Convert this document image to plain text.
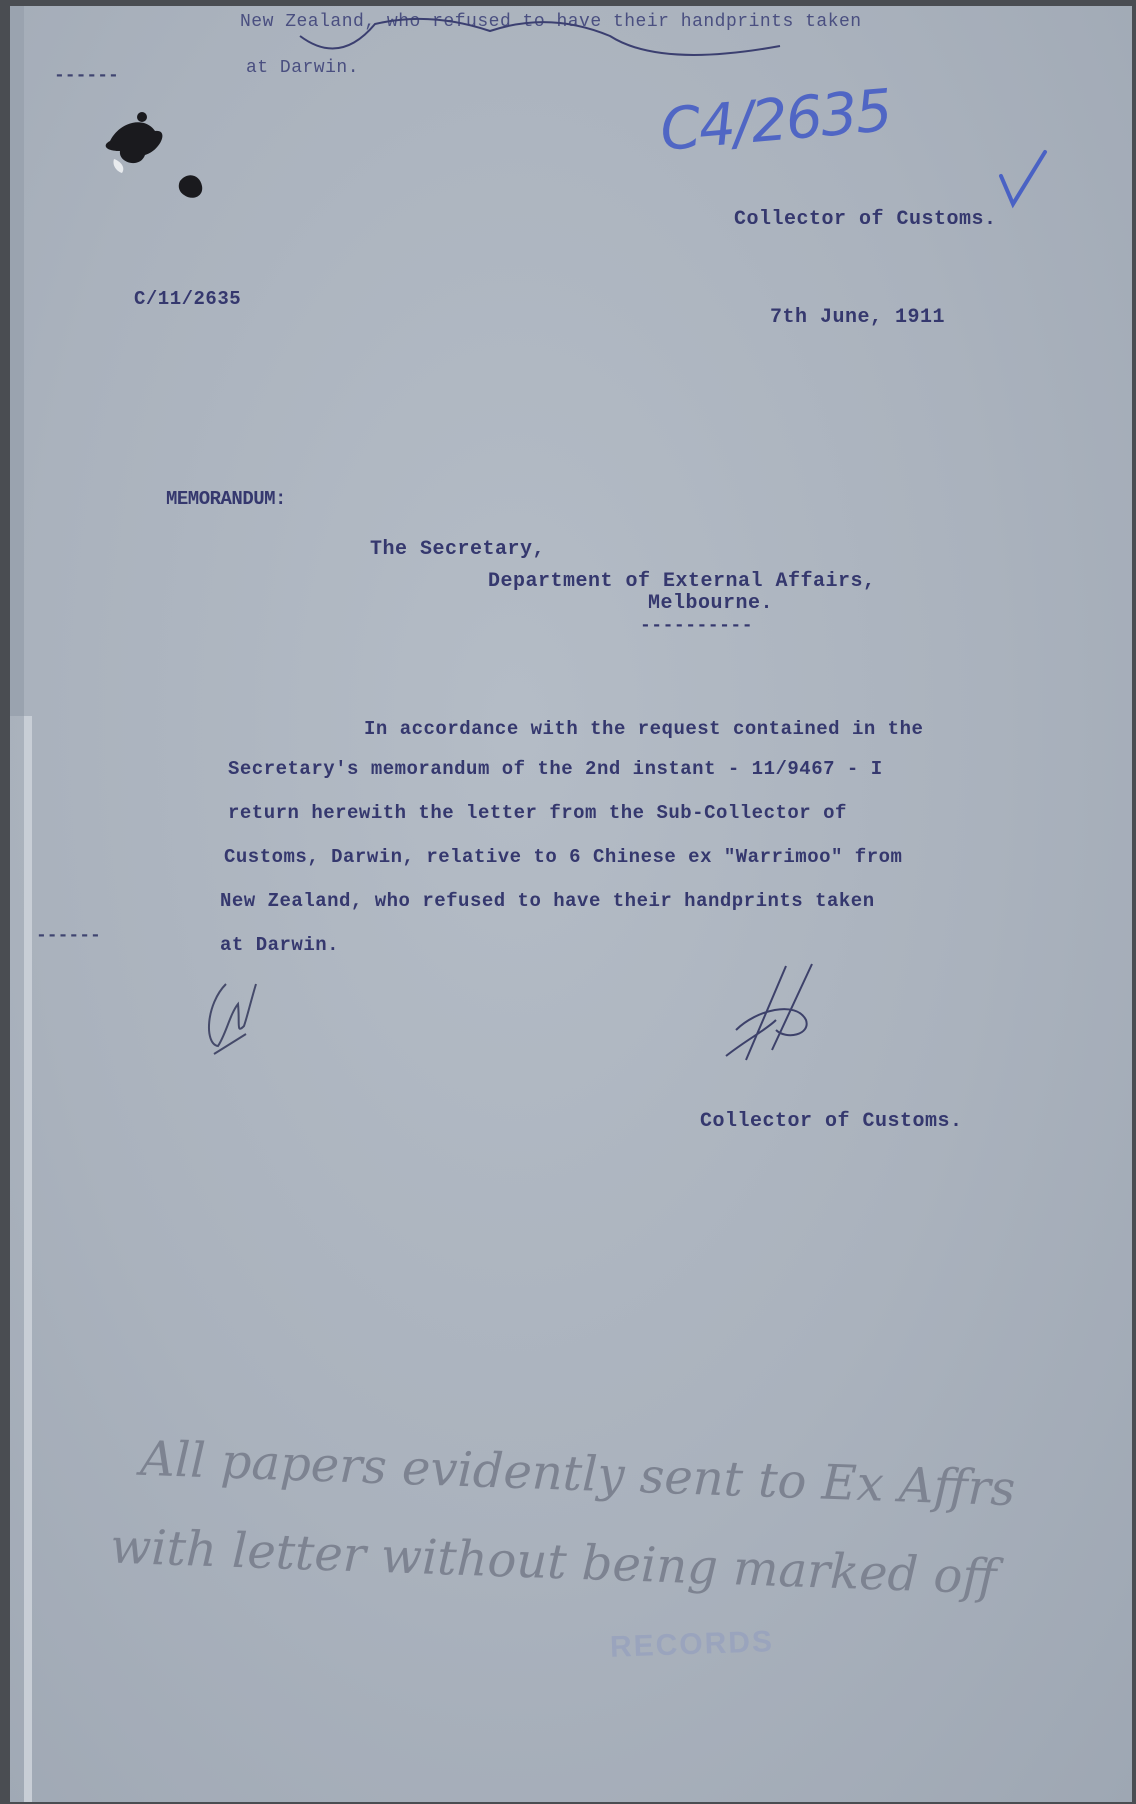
New Zealand, who refused to have their handprints taken
at Darwin.
------
C4/2635
Collector of Customs.
C/11/2635
7th June, 1911
MEMORANDUM:
The Secretary,
Department of External Affairs,
Melbourne.
----------
In accordance with the request contained in the
Secretary's memorandum of the 2nd instant - 11/9467 - I
return herewith the letter from the Sub-Collector of
Customs, Darwin, relative to 6 Chinese ex "Warrimoo" from
New Zealand, who refused to have their handprints taken
at Darwin.
------
Collector of Customs.
All papers evidently sent to Ex Affrs
with letter without being marked off
RECORDS
